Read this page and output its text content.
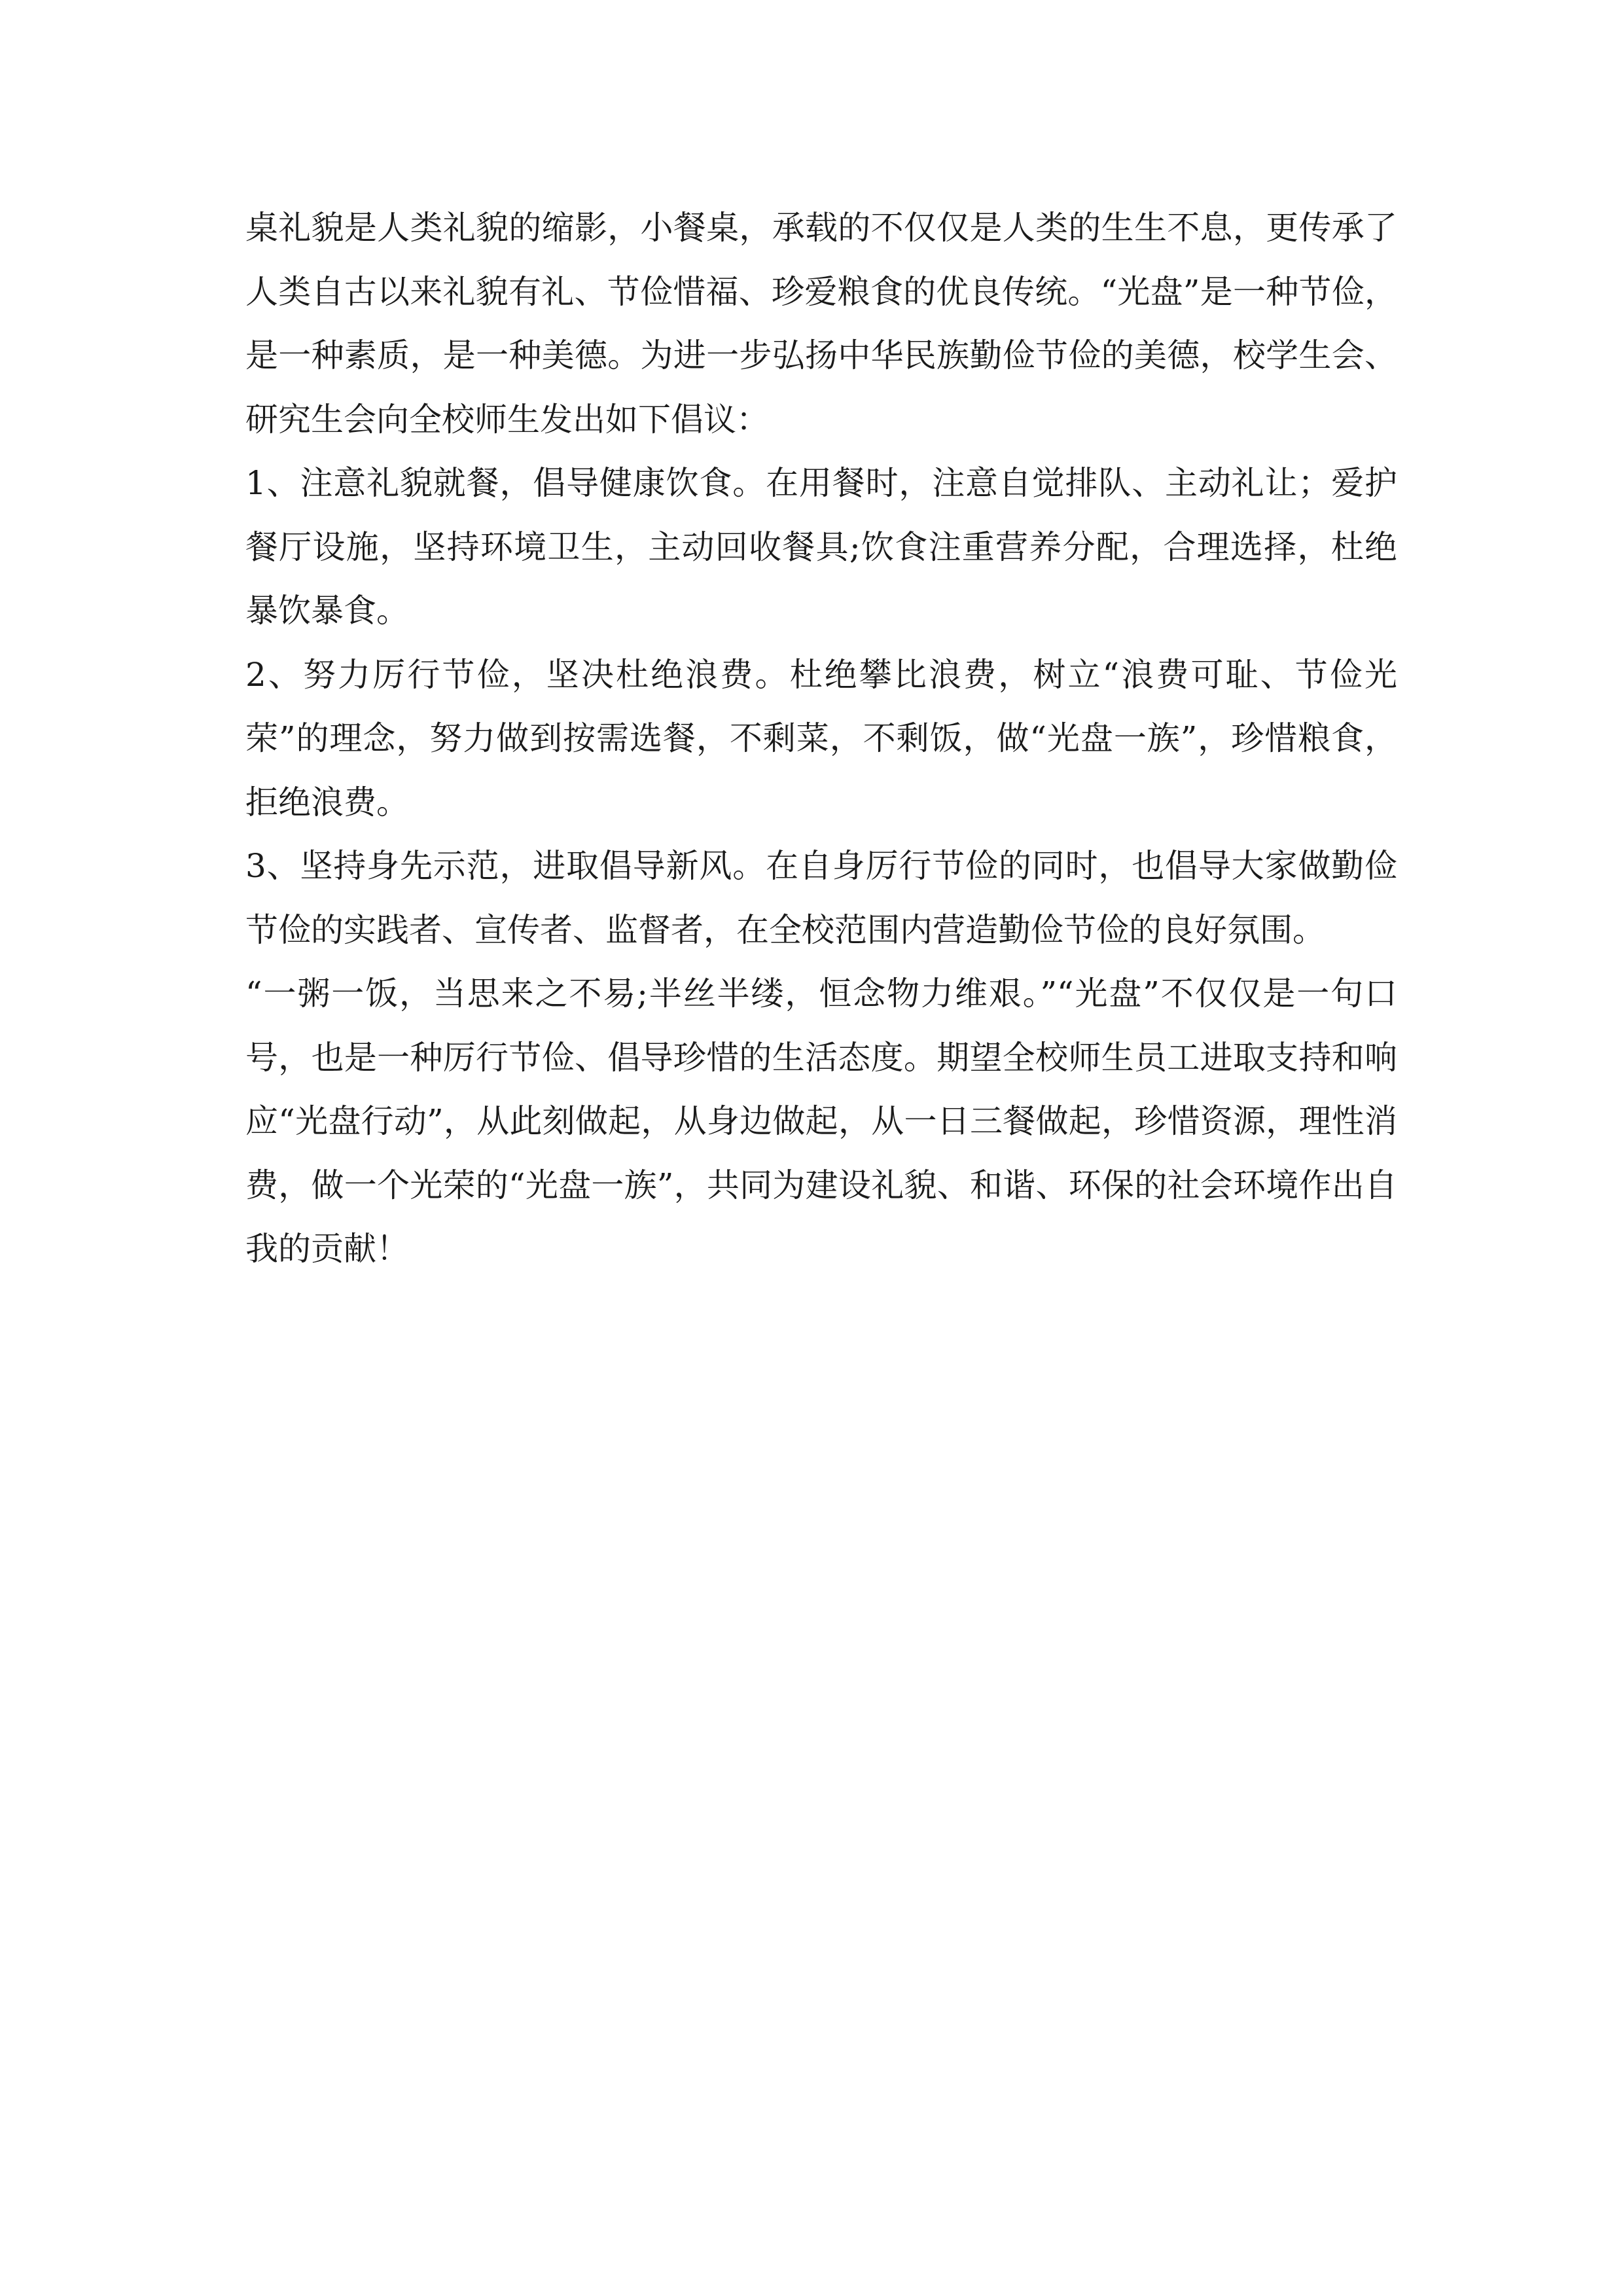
桌礼貌是人类礼貌的缩影，小餐桌，承载的不仅仅是人类的生生不息，更传承了人类自古以来礼貌有礼、节俭惜福、珍爱粮食的优良传统。“光盘”是一种节俭，是一种素质，是一种美德。为进一步弘扬中华民族勤俭节俭的美德，校学生会、研究生会向全校师生发出如下倡议：

1、注意礼貌就餐，倡导健康饮食。在用餐时，注意自觉排队、主动礼让；爱护餐厅设施，坚持环境卫生，主动回收餐具;饮食注重营养分配，合理选择，杜绝暴饮暴食。

2、努力厉行节俭，坚决杜绝浪费。杜绝攀比浪费，树立“浪费可耻、节俭光荣”的理念，努力做到按需选餐，不剩菜，不剩饭，做“光盘一族”，珍惜粮食，拒绝浪费。

3、坚持身先示范，进取倡导新风。在自身厉行节俭的同时，也倡导大家做勤俭节俭的实践者、宣传者、监督者，在全校范围内营造勤俭节俭的良好氛围。

“一粥一饭，当思来之不易;半丝半缕，恒念物力维艰。”“光盘”不仅仅是一句口号，也是一种厉行节俭、倡导珍惜的生活态度。期望全校师生员工进取支持和响应“光盘行动”，从此刻做起，从身边做起，从一日三餐做起，珍惜资源，理性消费，做一个光荣的“光盘一族”，共同为建设礼貌、和谐、环保的社会环境作出自我的贡献！
